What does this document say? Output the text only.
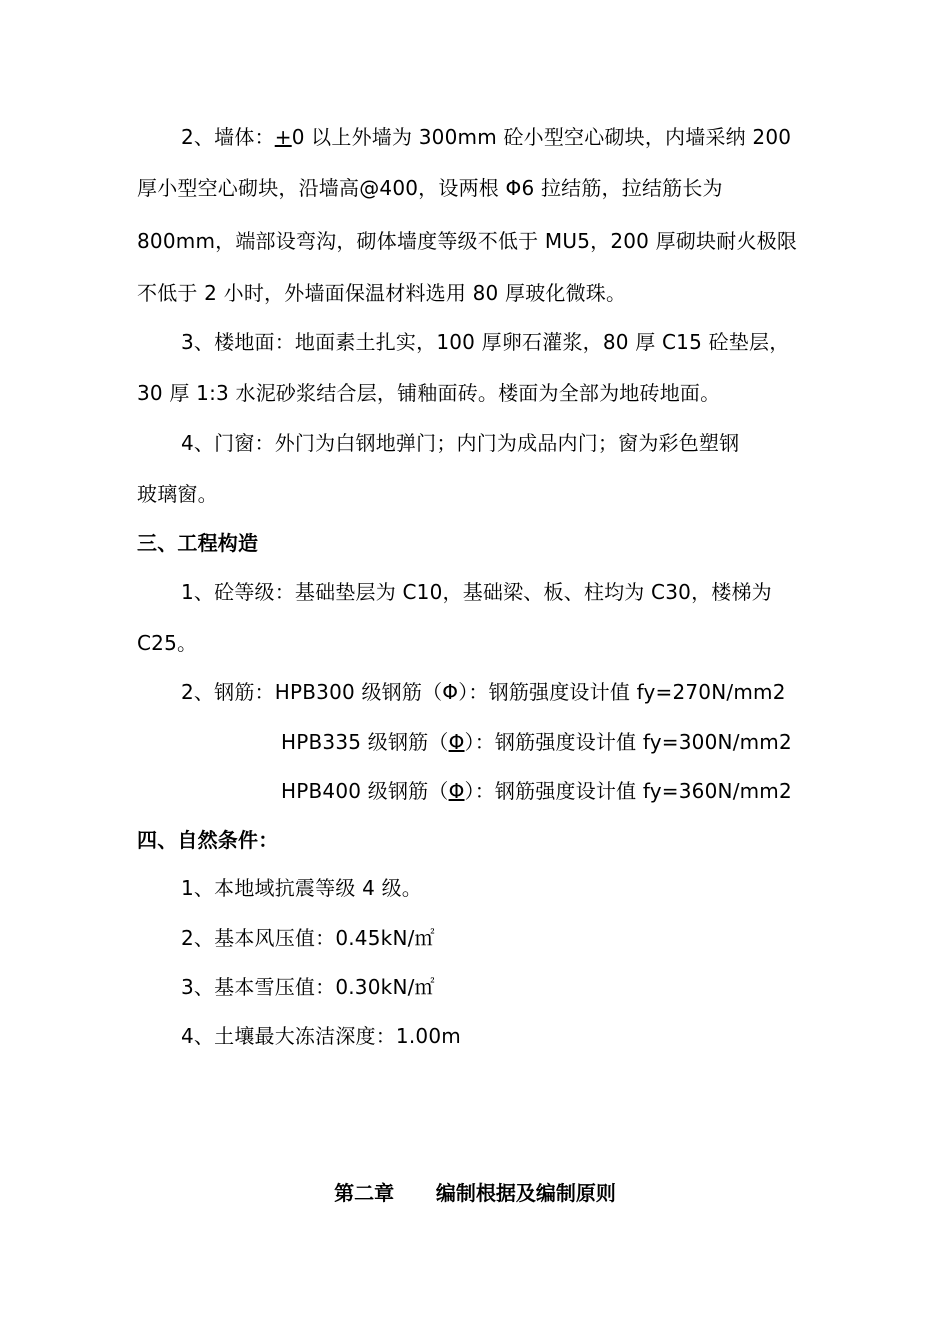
2、墙体：+0 以上外墙为 300mm 砼小型空心砌块，内墙采纳 200
厚小型空心砌块，沿墙高@400，设两根 Φ6 拉结筋，拉结筋长为
800mm，端部设弯沟，砌体墙度等级不低于 MU5，200 厚砌块耐火极限
不低于 2 小时，外墙面保温材料选用 80 厚玻化微珠。
3、楼地面：地面素土扎实，100 厚卵石灌浆，80 厚 C15 砼垫层，
30 厚 1:3 水泥砂浆结合层，铺釉面砖。楼面为全部为地砖地面。
4、门窗：外门为白钢地弹门；内门为成品内门；窗为彩色塑钢
玻璃窗。
三、工程构造
1、砼等级：基础垫层为 C10，基础梁、板、柱均为 C30，楼梯为
C25。
2、钢筋：HPB300 级钢筋（Φ）：钢筋强度设计值 fy=270N/mm2
HPB335 级钢筋（Φ）：钢筋强度设计值 fy=300N/mm2
HPB400 级钢筋（Φ）：钢筋强度设计值 fy=360N/mm2
四、自然条件：
1、本地域抗震等级 4 级。
2、基本风压值：0.45kN/㎡
3、基本雪压值：0.30kN/㎡
4、土壤最大冻洁深度：1.00m
第二章      编制根据及编制原则
